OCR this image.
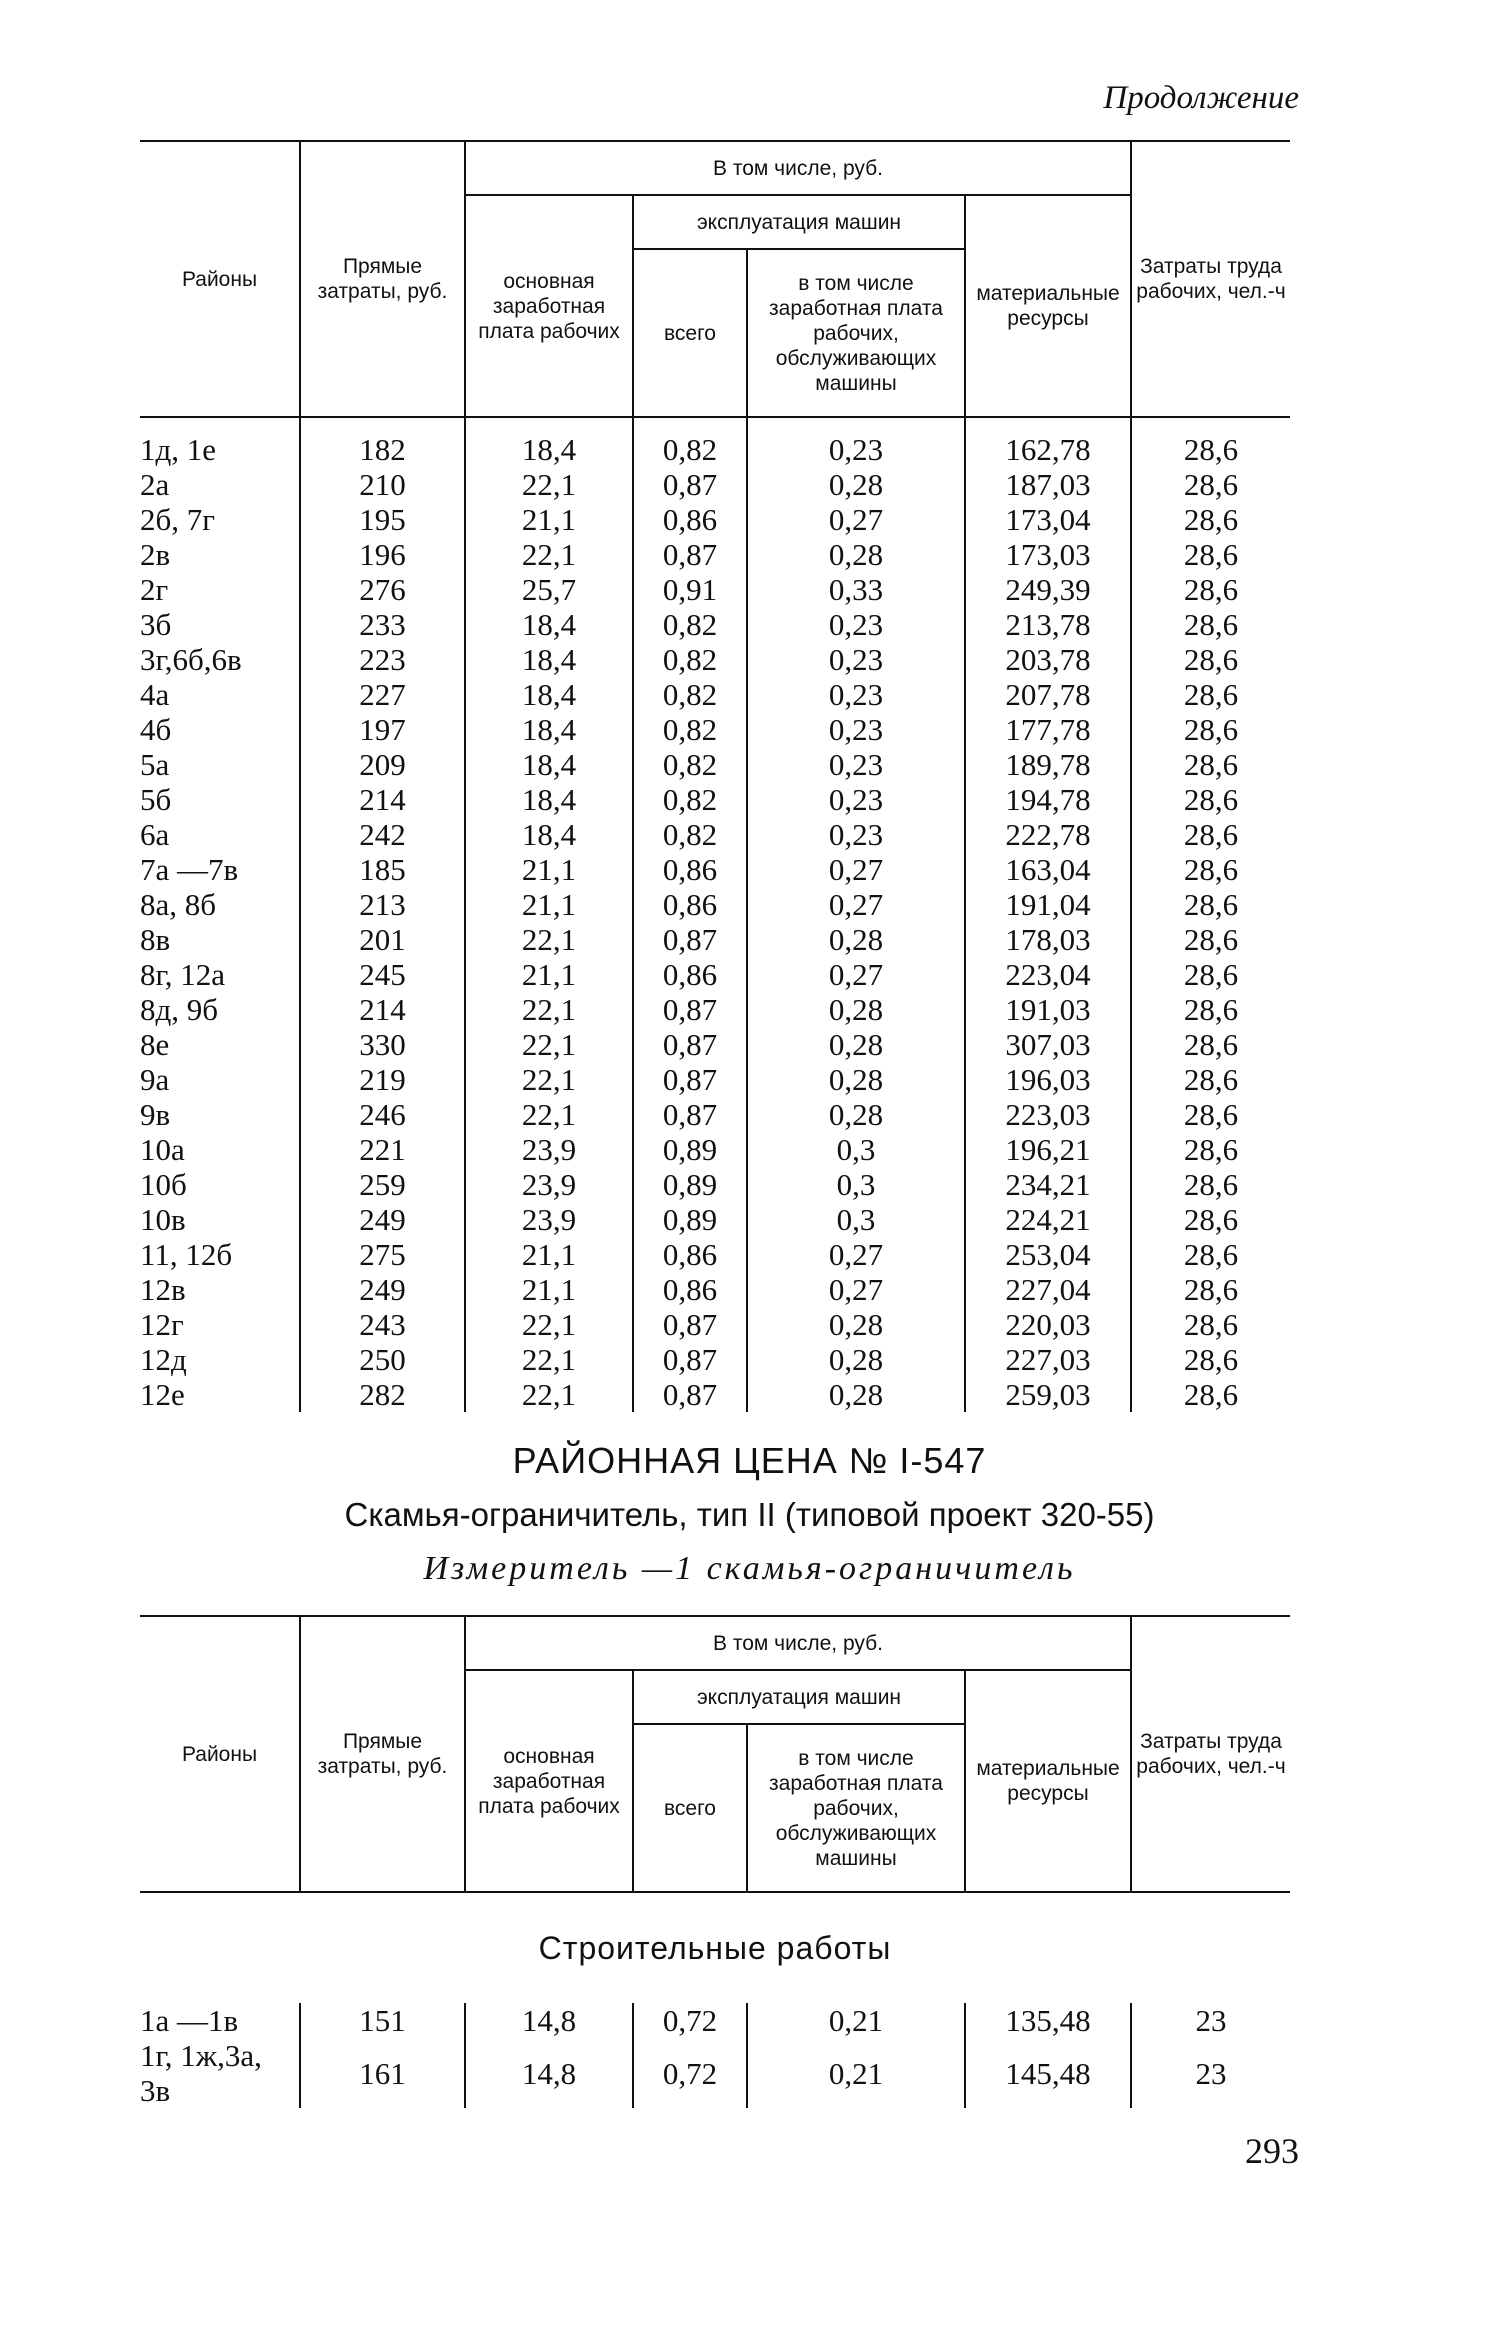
Продолжение
Районы	Прямые затраты, руб.	В том числе, руб.				Затраты труда рабочих, чел.-ч
		основная заработная плата рабочих	эксплуатация машин		материальные ресурсы	
			всего	в том числе заработная плата рабочих, обслуживающих машины		

1д, 1е	182	18,4	0,82	0,23	162,78	28,6
2а	210	22,1	0,87	0,28	187,03	28,6
2б, 7г	195	21,1	0,86	0,27	173,04	28,6
2в	196	22,1	0,87	0,28	173,03	28,6
2г	276	25,7	0,91	0,33	249,39	28,6
3б	233	18,4	0,82	0,23	213,78	28,6
3г,6б,6в	223	18,4	0,82	0,23	203,78	28,6
4а	227	18,4	0,82	0,23	207,78	28,6
4б	197	18,4	0,82	0,23	177,78	28,6
5а	209	18,4	0,82	0,23	189,78	28,6
5б	214	18,4	0,82	0,23	194,78	28,6
6а	242	18,4	0,82	0,23	222,78	28,6
7а —7в	185	21,1	0,86	0,27	163,04	28,6
8а, 8б	213	21,1	0,86	0,27	191,04	28,6
8в	201	22,1	0,87	0,28	178,03	28,6
8г, 12а	245	21,1	0,86	0,27	223,04	28,6
8д, 9б	214	22,1	0,87	0,28	191,03	28,6
8е	330	22,1	0,87	0,28	307,03	28,6
9а	219	22,1	0,87	0,28	196,03	28,6
9в	246	22,1	0,87	0,28	223,03	28,6
10а	221	23,9	0,89	0,3	196,21	28,6
10б	259	23,9	0,89	0,3	234,21	28,6
10в	249	23,9	0,89	0,3	224,21	28,6
11, 12б	275	21,1	0,86	0,27	253,04	28,6
12в	249	21,1	0,86	0,27	227,04	28,6
12г	243	22,1	0,87	0,28	220,03	28,6
12д	250	22,1	0,87	0,28	227,03	28,6
12е	282	22,1	0,87	0,28	259,03	28,6
РАЙОННАЯ ЦЕНА № I-547
Скамья-ограничитель, тип II (типовой проект 320-55)
Измеритель —1 скамья-ограничитель
Районы	Прямые затраты, руб.	В том числе, руб.				Затраты труда рабочих, чел.-ч
		основная заработная плата рабочих	эксплуатация машин		материальные ресурсы	
			всего	в том числе заработная плата рабочих, обслуживающих машины		
Строительные работы						
1а —1в	151	14,8	0,72	0,21	135,48	23
1г, 1ж,3а, 3в	161	14,8	0,72	0,21	145,48	23
293
